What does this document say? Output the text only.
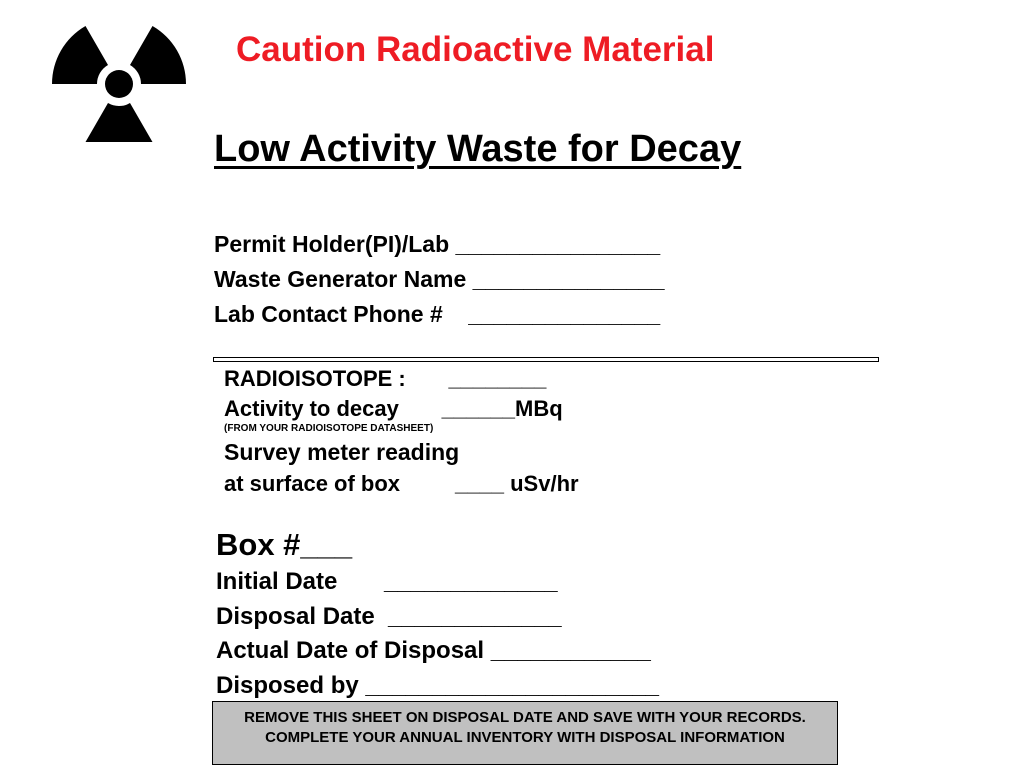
Caution Radioactive Material
Low Activity Waste for Decay
Permit Holder(PI)/Lab ________________
Waste Generator Name _______________
Lab Contact Phone #    _______________
RADIOISOTOPE :       ________
Activity to decay       ______MBq
(FROM YOUR RADIOISOTOPE DATASHEET)
Survey meter reading
at surface of box         ____ uSv/hr
Box #___
Initial Date       _____________
Disposal Date  _____________
Actual Date of Disposal ____________
Disposed by ______________________
REMOVE THIS SHEET ON DISPOSAL DATE AND SAVE WITH YOUR RECORDS. COMPLETE YOUR ANNUAL INVENTORY WITH DISPOSAL INFORMATION
